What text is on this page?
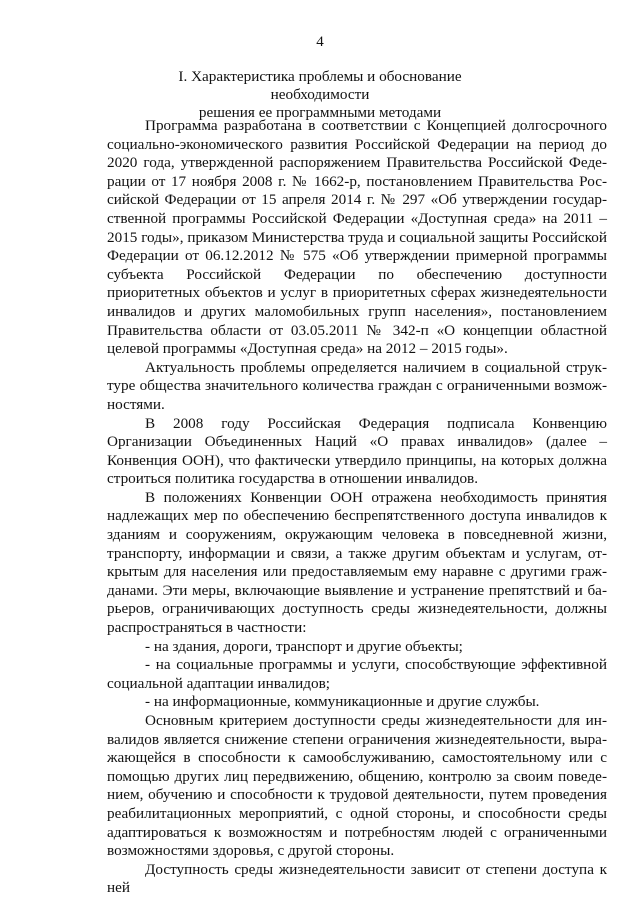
4
I. Характеристика проблемы и обоснование необходимости
решения ее программными методами

Программа разработана в соответствии с Концепцией долгосрочного социально-экономического развития Российской Федерации на период до 2020 года, утвержденной распоряжением Правительства Российской Федерации от 17 ноября 2008 г. № 1662-р, постановлением Правительства Российской Федерации от 15 апреля 2014 г. № 297 «Об утверждении государственной программы Российской Федерации «Доступная среда» на 2011 – 2015 годы», приказом Министерства труда и социальной защиты Российской Федерации от 06.12.2012 № 575 «Об утверждении примерной программы субъекта Российской Федерации по обеспечению доступности приоритетных объектов и услуг в приоритетных сферах жизнедеятельности инвалидов и других маломобильных групп населения», постановлением Правительства области от 03.05.2011 № 342-п «О концепции областной целевой программы «Доступная среда» на 2012 – 2015 годы».

Актуальность проблемы определяется наличием в социальной структуре общества значительного количества граждан с ограниченными возможностями.

В 2008 году Российская Федерация подписала Конвенцию Организации Объединенных Наций «О правах инвалидов» (далее – Конвенция ООН), что фактически утвердило принципы, на которых должна строиться политика государства в отношении инвалидов.

В положениях Конвенции ООН отражена необходимость принятия надлежащих мер по обеспечению беспрепятственного доступа инвалидов к зданиям и сооружениям, окружающим человека в повседневной жизни, транспорту, информации и связи, а также другим объектам и услугам, открытым для населения или предоставляемым ему наравне с другими гражданами. Эти меры, включающие выявление и устранение препятствий и барьеров, ограничивающих доступность среды жизнедеятельности, должны распространяться в частности:

- на здания, дороги, транспорт и другие объекты;

- на социальные программы и услуги, способствующие эффективной социальной адаптации инвалидов;

- на информационные, коммуникационные и другие службы.

Основным критерием доступности среды жизнедеятельности для инвалидов является снижение степени ограничения жизнедеятельности, выражающейся в способности к самообслуживанию, самостоятельному или с помощью других лиц передвижению, общению, контролю за своим поведением, обучению и способности к трудовой деятельности, путем проведения реабилитационных мероприятий, с одной стороны, и способности среды адаптироваться к возможностям и потребностям людей с ограниченными возможностями здоровья, с другой стороны.

Доступность среды жизнедеятельности зависит от степени доступа к ней
